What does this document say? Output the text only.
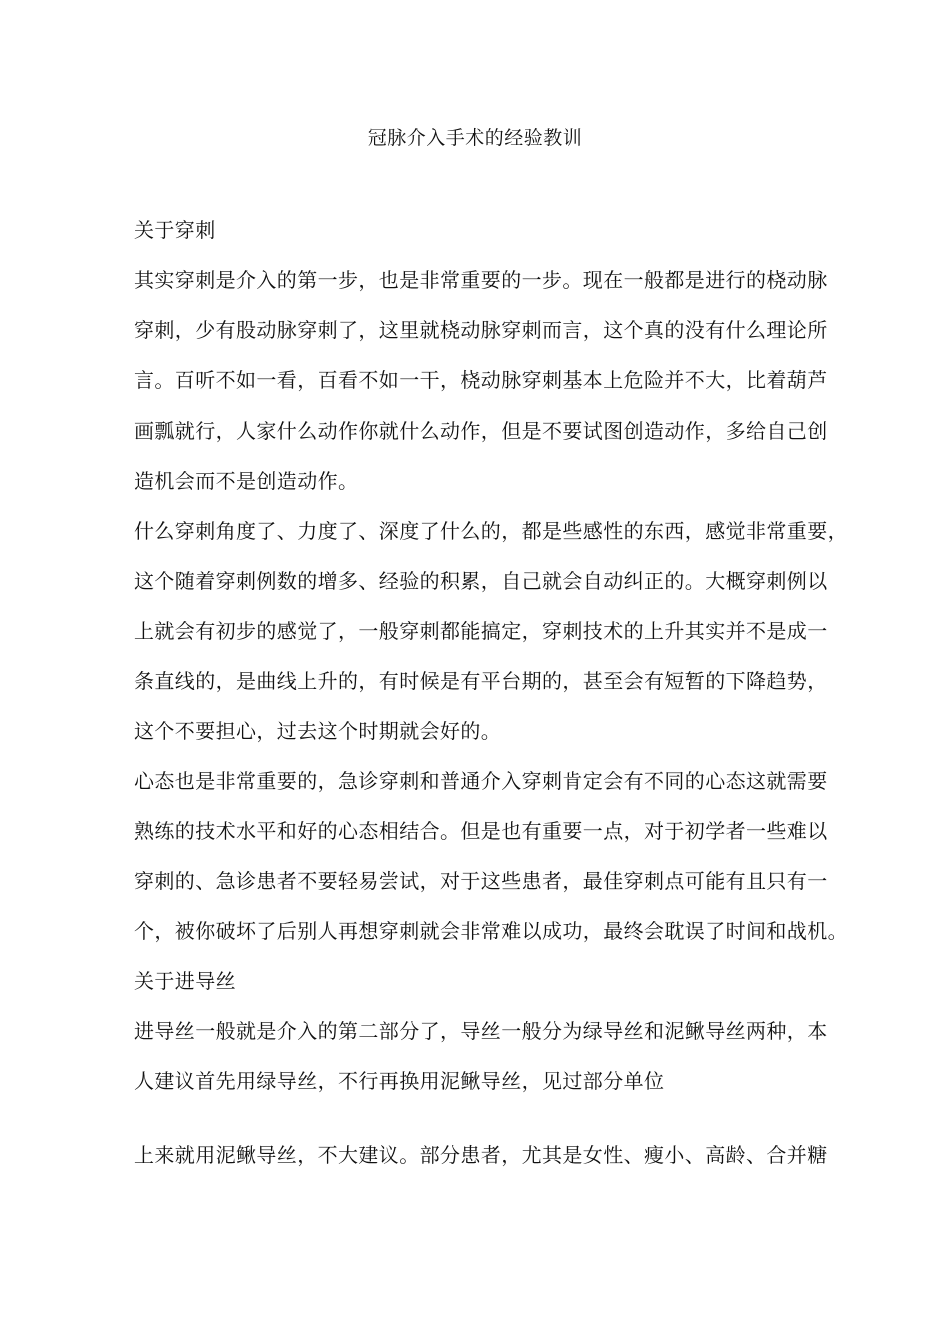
冠脉介入手术的经验教训
关于穿刺
其实穿刺是介入的第一步，也是非常重要的一步。现在一般都是进行的桡动脉
穿刺，少有股动脉穿刺了，这里就桡动脉穿刺而言，这个真的没有什么理论所
言。百听不如一看，百看不如一干，桡动脉穿刺基本上危险并不大，比着葫芦
画瓢就行，人家什么动作你就什么动作，但是不要试图创造动作，多给自己创
造机会而不是创造动作。
什么穿刺角度了、力度了、深度了什么的，都是些感性的东西，感觉非常重要，
这个随着穿刺例数的增多、经验的积累，自己就会自动纠正的。大概穿刺例以
上就会有初步的感觉了，一般穿刺都能搞定，穿刺技术的上升其实并不是成一
条直线的，是曲线上升的，有时候是有平台期的，甚至会有短暂的下降趋势，
这个不要担心，过去这个时期就会好的。
心态也是非常重要的，急诊穿刺和普通介入穿刺肯定会有不同的心态这就需要
熟练的技术水平和好的心态相结合。但是也有重要一点，对于初学者一些难以
穿刺的、急诊患者不要轻易尝试，对于这些患者，最佳穿刺点可能有且只有一
个，被你破坏了后别人再想穿刺就会非常难以成功，最终会耽误了时间和战机。
关于进导丝
进导丝一般就是介入的第二部分了，导丝一般分为绿导丝和泥鳅导丝两种，本
人建议首先用绿导丝，不行再换用泥鳅导丝，见过部分单位
上来就用泥鳅导丝，不大建议。部分患者，尤其是女性、瘦小、高龄、合并糖
